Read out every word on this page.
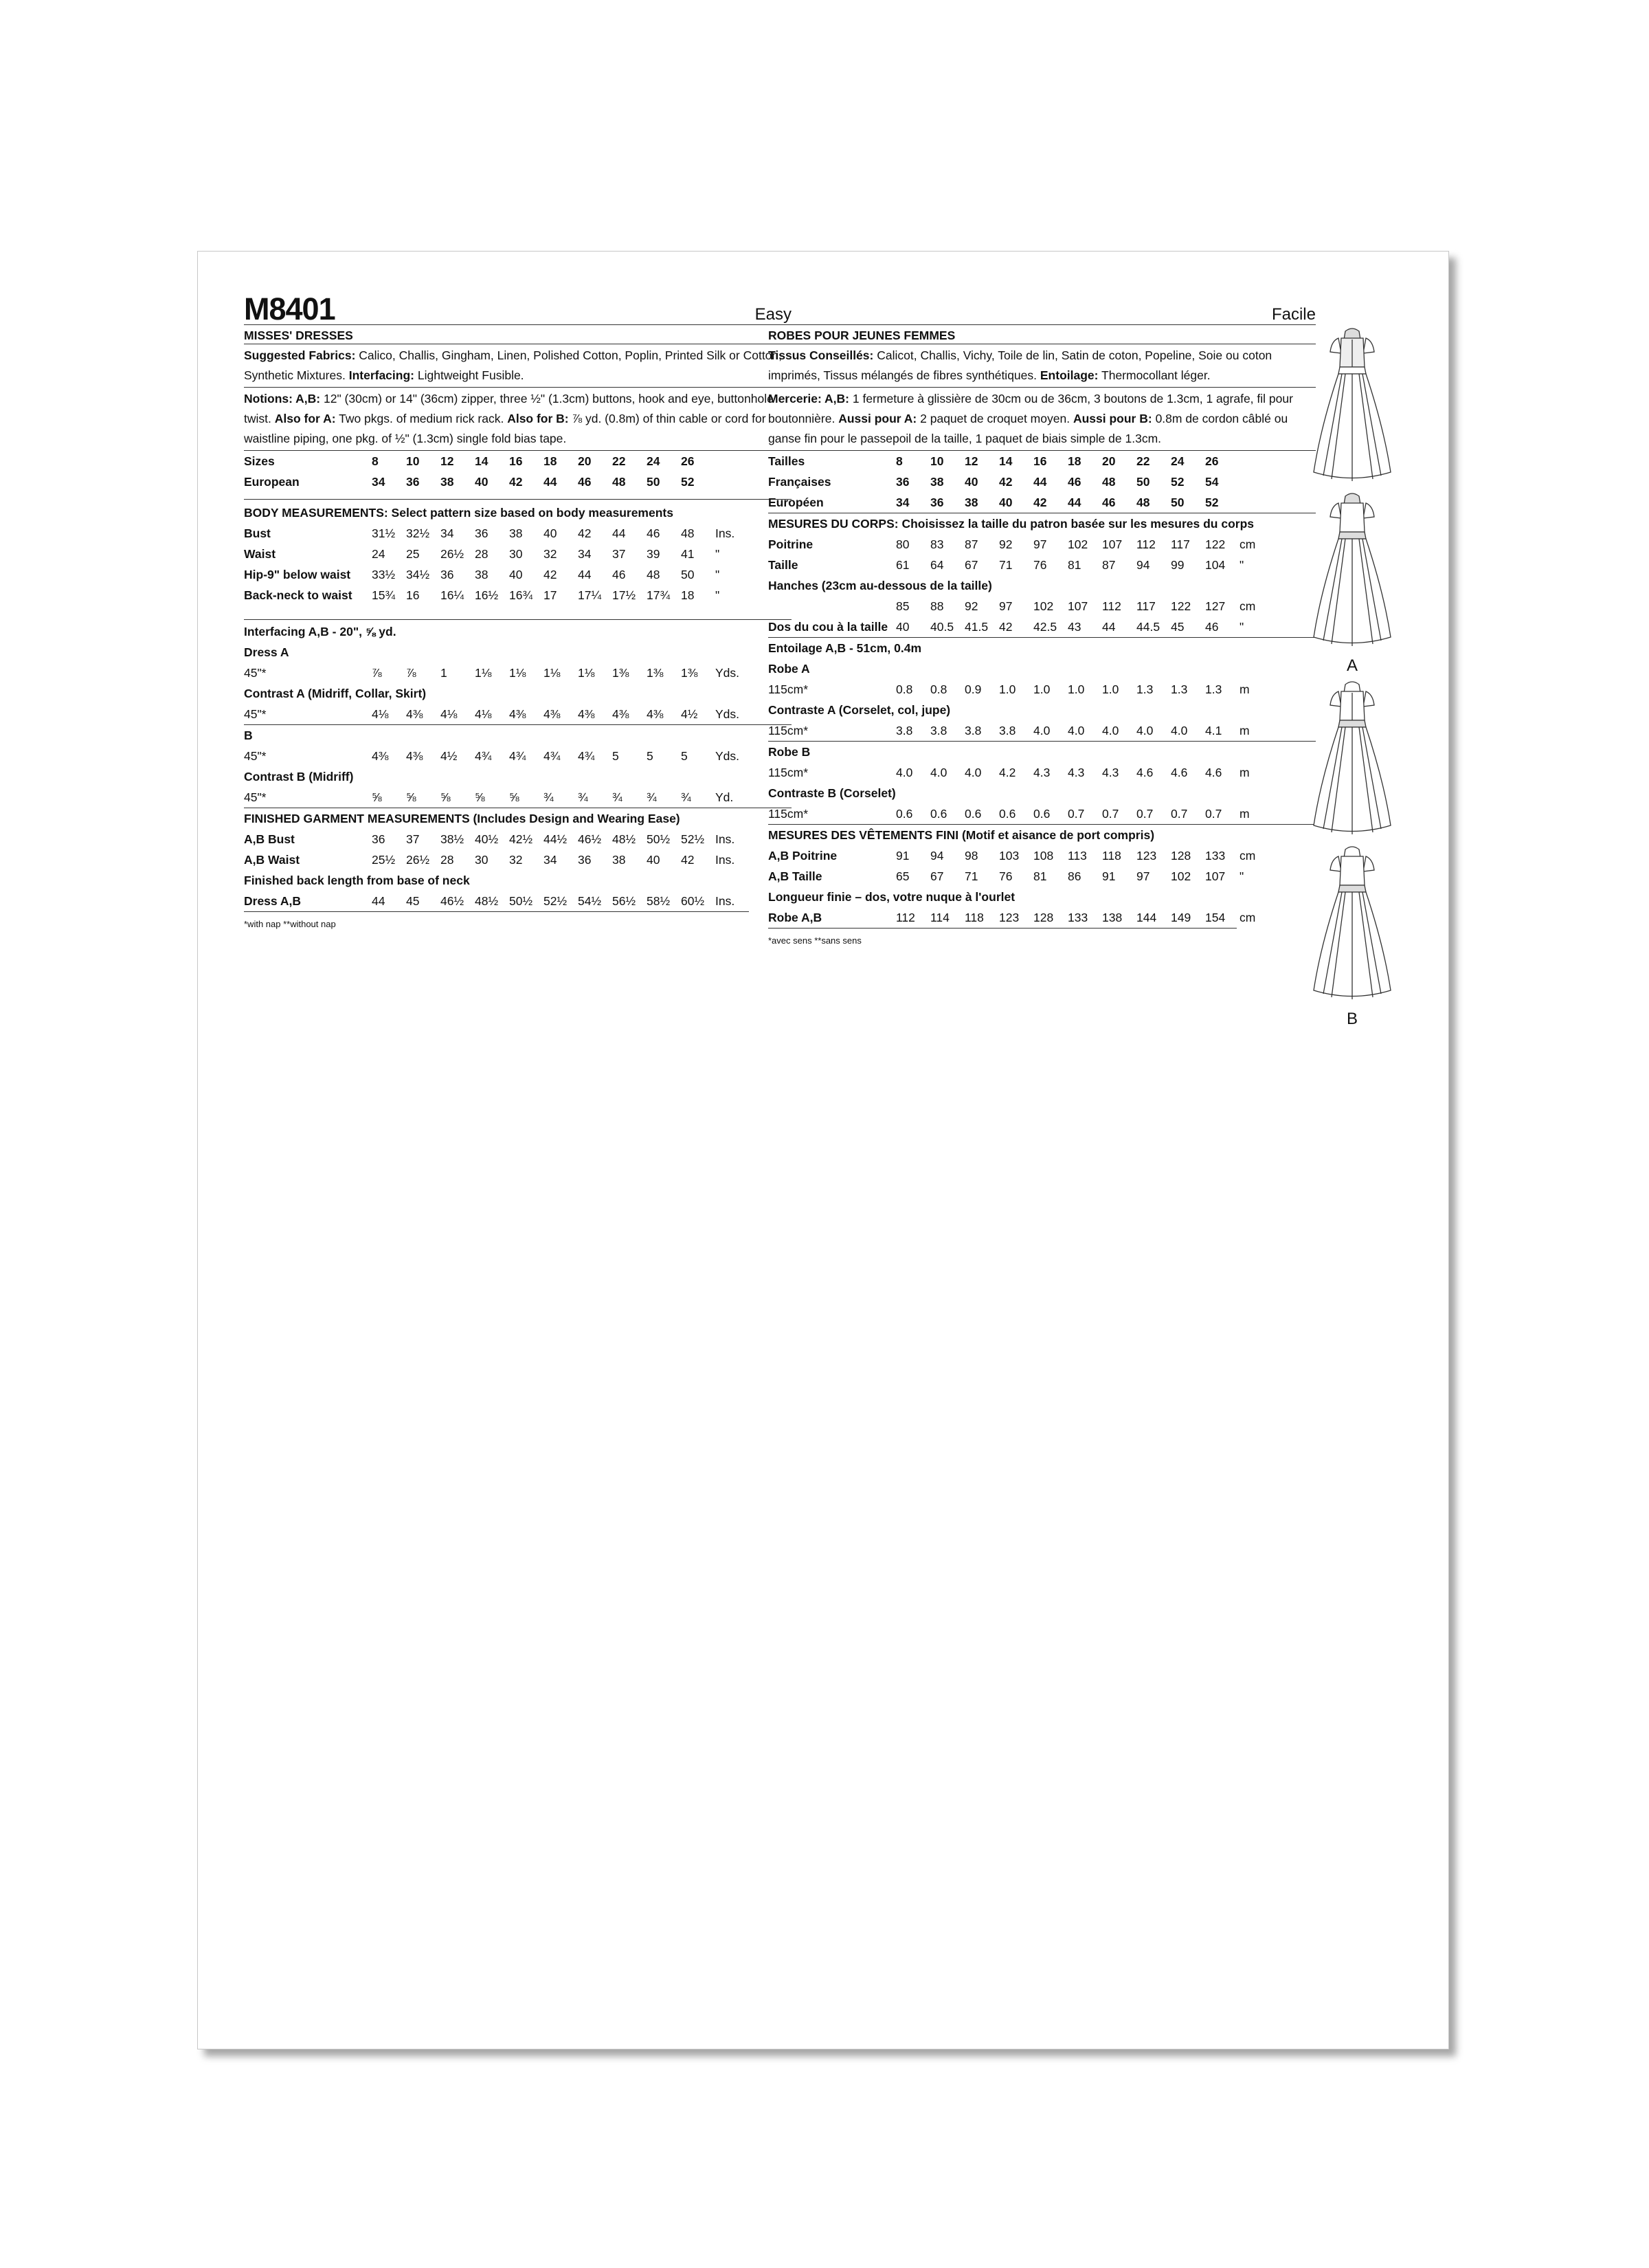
M8401	Easy
MISSES' DRESSES
Suggested Fabrics: Calico, Challis, Gingham, Linen, Polished Cotton, Poplin, Printed Silk or Cotton, Synthetic Mixtures. Interfacing: Lightweight Fusible.
Notions: A,B: 12" (30cm) or 14" (36cm) zipper, three ½" (1.3cm) buttons, hook and eye, buttonhole twist. Also for A: Two pkgs. of medium rick rack. Also for B: ⅞ yd. (0.8m) of thin cable or cord for waistline piping, one pkg. of ½" (1.3cm) single fold bias tape.
Sizes	8	10	12	14	16	18	20	22	24	26	
European	34	36	38	40	42	44	46	48	50	52	
BODY MEASUREMENTS: Select pattern size based on body measurements
Bust	31½	32½	34	36	38	40	42	44	46	48	Ins.
Waist	24	25	26½	28	30	32	34	37	39	41	"
Hip-9" below waist	33½	34½	36	38	40	42	44	46	48	50	"
Back-neck to waist	15¾	16	16¼	16½	16¾	17	17¼	17½	17¾	18	"
Interfacing A,B - 20", ⅝ yd.
Dress A											
45"*	⅞	⅞	1	1⅛	1⅛	1⅛	1⅛	1⅜	1⅜	1⅜	Yds.
Contrast A (Midriff, Collar, Skirt)											
45"*	4⅛	4⅜	4⅛	4⅛	4⅜	4⅜	4⅜	4⅜	4⅜	4½	Yds.
B											
45"*	4⅜	4⅜	4½	4¾	4¾	4¾	4¾	5	5	5	Yds.
Contrast B (Midriff)											
45"*	⅝	⅝	⅝	⅝	⅝	¾	¾	¾	¾	¾	Yd.
FINISHED GARMENT MEASUREMENTS (Includes Design and Wearing Ease)
A,B Bust	36	37	38½	40½	42½	44½	46½	48½	50½	52½	Ins.
A,B Waist	25½	26½	28	30	32	34	36	38	40	42	Ins.
Finished back length from base of neck
Dress A,B	44	45	46½	48½	50½	52½	54½	56½	58½	60½	Ins.
*with nap **without nap
Facile
ROBES POUR JEUNES FEMMES
Tissus Conseillés: Calicot, Challis, Vichy, Toile de lin, Satin de coton, Popeline, Soie ou coton imprimés, Tissus mélangés de fibres synthétiques. Entoilage: Thermocollant léger.
Mercerie: A,B: 1 fermeture à glissière de 30cm ou de 36cm, 3 boutons de 1.3cm, 1 agrafe, fil pour boutonnière. Aussi pour A: 2 paquet de croquet moyen. Aussi pour B: 0.8m de cordon câblé ou ganse fin pour le passepoil de la taille, 1 paquet de biais simple de 1.3cm.
Tailles	8	10	12	14	16	18	20	22	24	26	
Françaises	36	38	40	42	44	46	48	50	52	54	
Européen	34	36	38	40	42	44	46	48	50	52	
MESURES DU CORPS: Choisissez la taille du patron basée sur les mesures du corps
Poitrine	80	83	87	92	97	102	107	112	117	122	cm
Taille	61	64	67	71	76	81	87	94	99	104	"
Hanches (23cm au-dessous de la taille)											
	85	88	92	97	102	107	112	117	122	127	cm
Dos du cou à la taille	40	40.5	41.5	42	42.5	43	44	44.5	45	46	"
Entoilage A,B - 51cm, 0.4m
Robe A											
115cm*	0.8	0.8	0.9	1.0	1.0	1.0	1.0	1.3	1.3	1.3	m
Contraste A (Corselet, col, jupe)											
115cm*	3.8	3.8	3.8	3.8	4.0	4.0	4.0	4.0	4.0	4.1	m
Robe B											
115cm*	4.0	4.0	4.0	4.2	4.3	4.3	4.3	4.6	4.6	4.6	m
Contraste B (Corselet)											
115cm*	0.6	0.6	0.6	0.6	0.6	0.7	0.7	0.7	0.7	0.7	m
MESURES DES VÊTEMENTS FINI (Motif et aisance de port compris)
A,B Poitrine	91	94	98	103	108	113	118	123	128	133	cm
A,B Taille	65	67	71	76	81	86	91	97	102	107	"
Longueur finie – dos, votre nuque à l'ourlet
Robe A,B	112	114	118	123	128	133	138	144	149	154	cm
*avec sens **sans sens
A
B
